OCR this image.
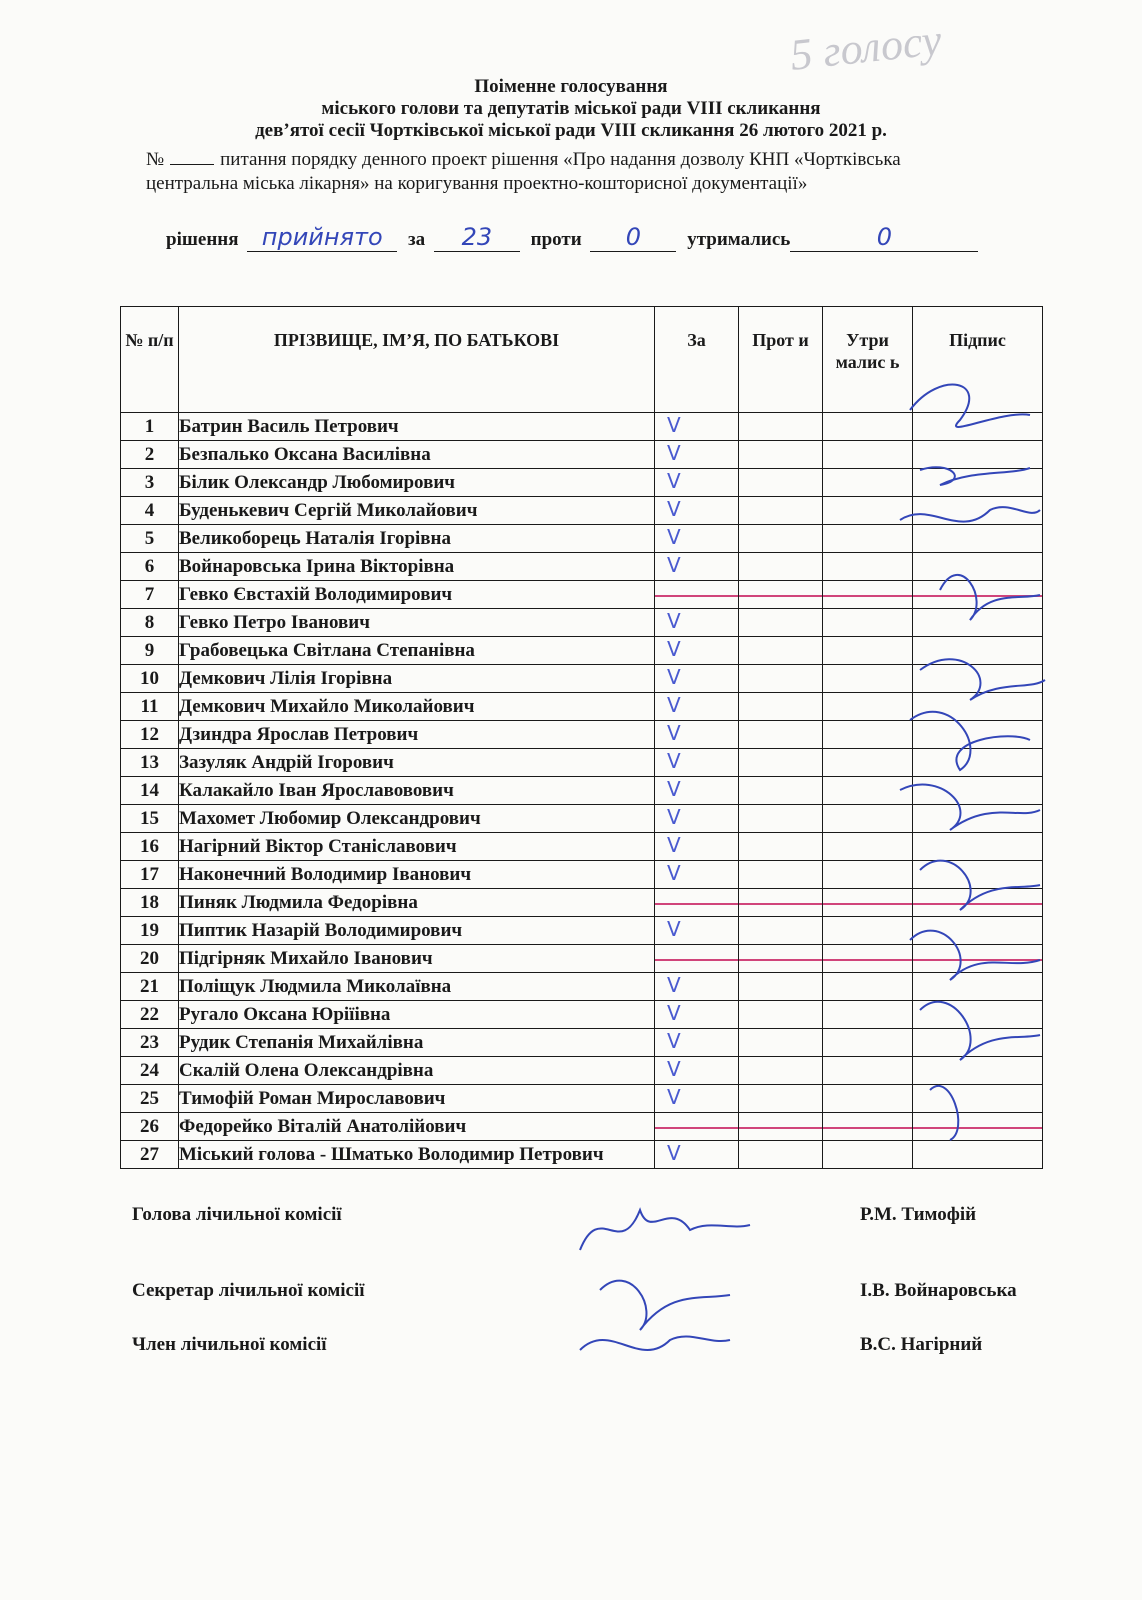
5 голосу
Поіменне голосування
міського голови та депутатів міської ради VIII скликання
дев’ятої сесії Чортківської міської ради VIII скликання 26 лютого 2021 р.
№	питання порядку денного проект рішення «Про надання дозволу КНП «Чортківська
центральна міська лікарня» на коригування проектно-кошторисної документації»
рішення прийнято за 23 проти 0 утримались	0
№ п/п	ПРІЗВИЩЕ, ІМ’Я, ПО БАТЬКОВІ	За	Прот и	Утри малис ь	Підпис
1	Батрин Василь Петрович	V			

2	Безпалько Оксана Василівна	V			

3	Білик Олександр Любомирович	V			

4	Буденькевич Сергій Миколайович	V			

5	Великоборець Наталія Ігорівна	V			

6	Войнаровська Ірина Вікторівна	V			

7	Гевко Євстахій Володимирович	

8	Гевко Петро Іванович	V			

9	Грабовецька Світлана Степанівна	V			

10	Демкович Лілія Ігорівна	V			

11	Демкович Михайло Миколайович	V			

12	Дзиндра Ярослав Петрович	V			

13	Зазуляк Андрій Ігорович	V			

14	Калакайло Іван Ярославовович	V			

15	Махомет Любомир Олександрович	V			

16	Нагірний Віктор Станіславович	V			

17	Наконечний Володимир Іванович	V			

18	Пиняк Людмила Федорівна	

19	Пиптик Назарій Володимирович	V			

20	Підгірняк Михайло Іванович	

21	Поліщук Людмила Миколаївна	V			

22	Ругало Оксана Юріїівна	V			

23	Рудик Степанія Михайлівна	V			

24	Скалій Олена Олександрівна	V			

25	Тимофій Роман Мирославович	V			

26	Федорейко Віталій Анатолійович	

27	Міський голова - Шматько Володимир Петрович	V			

Голова лічильної комісії	Р.М. Тимофій
Секретар лічильної комісії	І.В. Войнаровська
Член лічильної комісії	В.С. Нагірний
